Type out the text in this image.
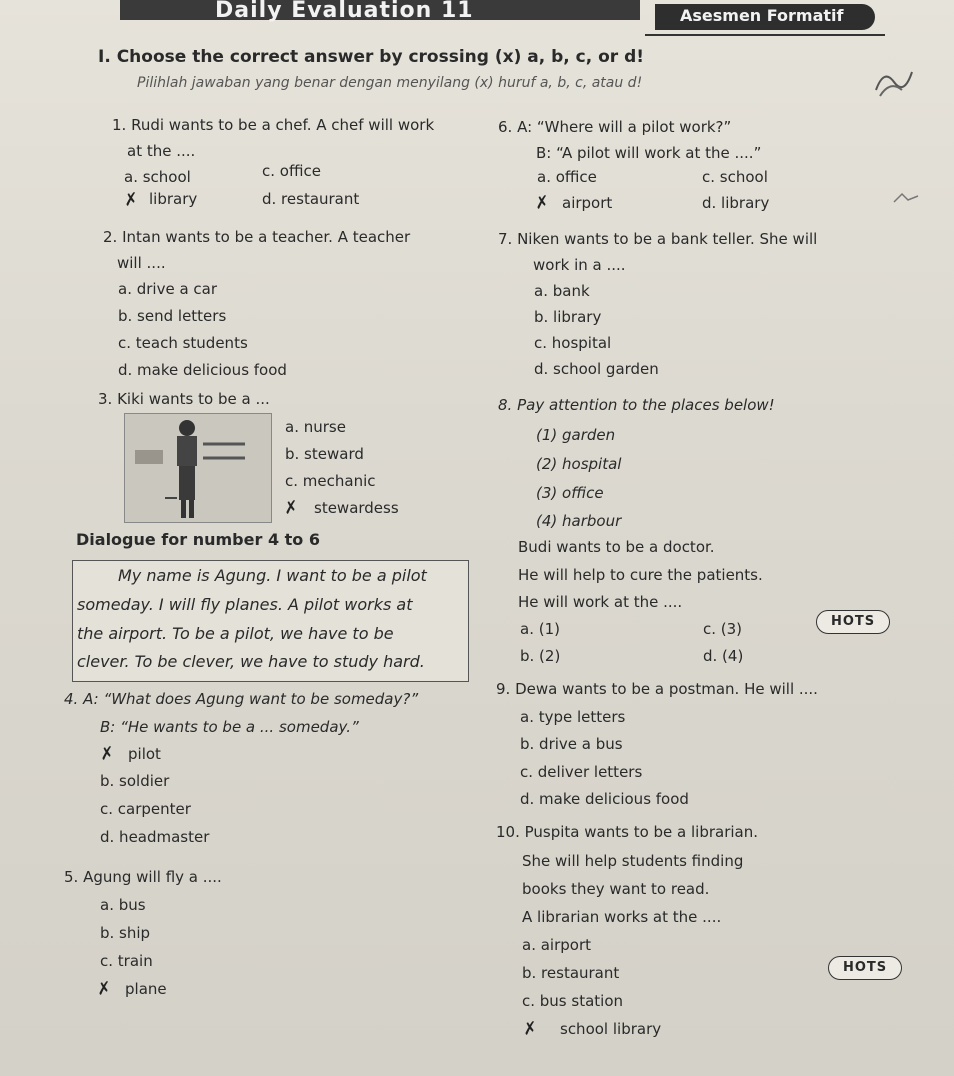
Daily Evaluation 11	Asesmen Formatif
I. Choose the correct answer by crossing (x) a, b, c, or d!
Pilihlah jawaban yang benar dengan menyilang (x) huruf a, b, c, atau d!
1. Rudi wants to be a chef. A chef will work
at the ....
a. school	c. office
✗ library	d. restaurant
2. Intan wants to be a teacher. A teacher
will ....
a. drive a car
b. send letters
c. teach students
d. make delicious food
3. Kiki wants to be a ...
a. nurse
b. steward
c. mechanic
✗ stewardess
Dialogue for number 4 to 6
My name is Agung. I want to be a pilot
someday. I will fly planes. A pilot works at
the airport. To be a pilot, we have to be
clever. To be clever, we have to study hard.
4. A: “What does Agung want to be someday?”
B: “He wants to be a ... someday.”
✗ pilot
b. soldier
c. carpenter
d. headmaster
5. Agung will fly a ....
a. bus
b. ship
c. train
✗ plane
6. A: “Where will a pilot work?”
B: “A pilot will work at the ....”
a. office	c. school
✗ airport	d. library
7. Niken wants to be a bank teller. She will
work in a ....
a. bank
b. library
c. hospital
d. school garden
8. Pay attention to the places below!
(1) garden
(2) hospital
(3) office
(4) harbour
Budi wants to be a doctor.
He will help to cure the patients.
He will work at the ....
a. (1)	c. (3)	HOTS
b. (2)	d. (4)
9. Dewa wants to be a postman. He will ....
a. type letters
b. drive a bus
c. deliver letters
d. make delicious food
10. Puspita wants to be a librarian.
She will help students finding
books they want to read.
A librarian works at the ....
a. airport
b. restaurant	HOTS
c. bus station
✗ school library
